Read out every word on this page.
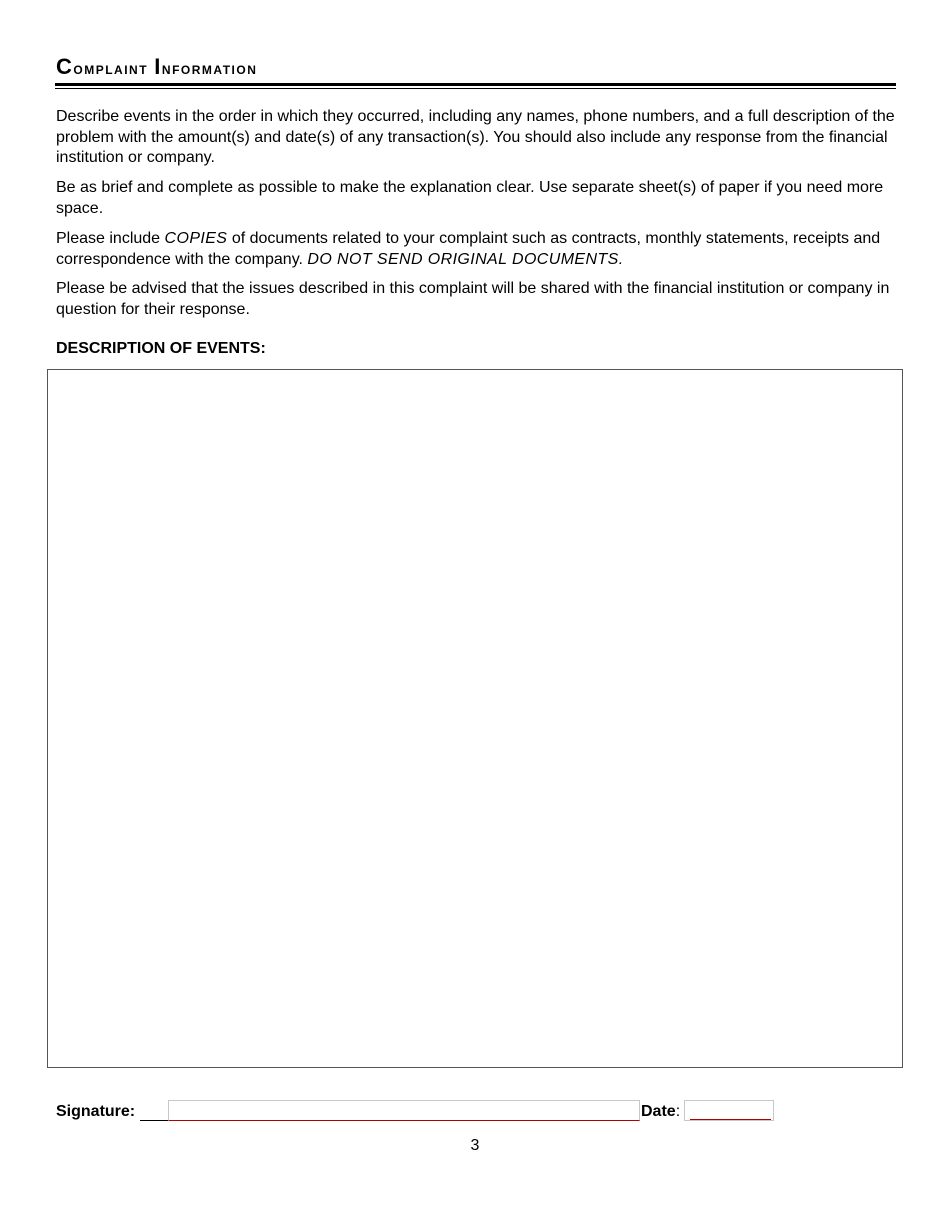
Complaint Information

Describe events in the order in which they occurred, including any names, phone numbers, and a full description of the problem with the amount(s) and date(s) of any transaction(s). You should also include any response from the financial institution or company.

Be as brief and complete as possible to make the explanation clear. Use separate sheet(s) of paper if you need more space.

Please include COPIES of documents related to your complaint such as contracts, monthly statements, receipts and correspondence with the company. DO NOT SEND ORIGINAL DOCUMENTS.

Please be advised that the issues described in this complaint will be shared with the financial institution or company in question for their response.

DESCRIPTION OF EVENTS:
Signature:	Date:
3
